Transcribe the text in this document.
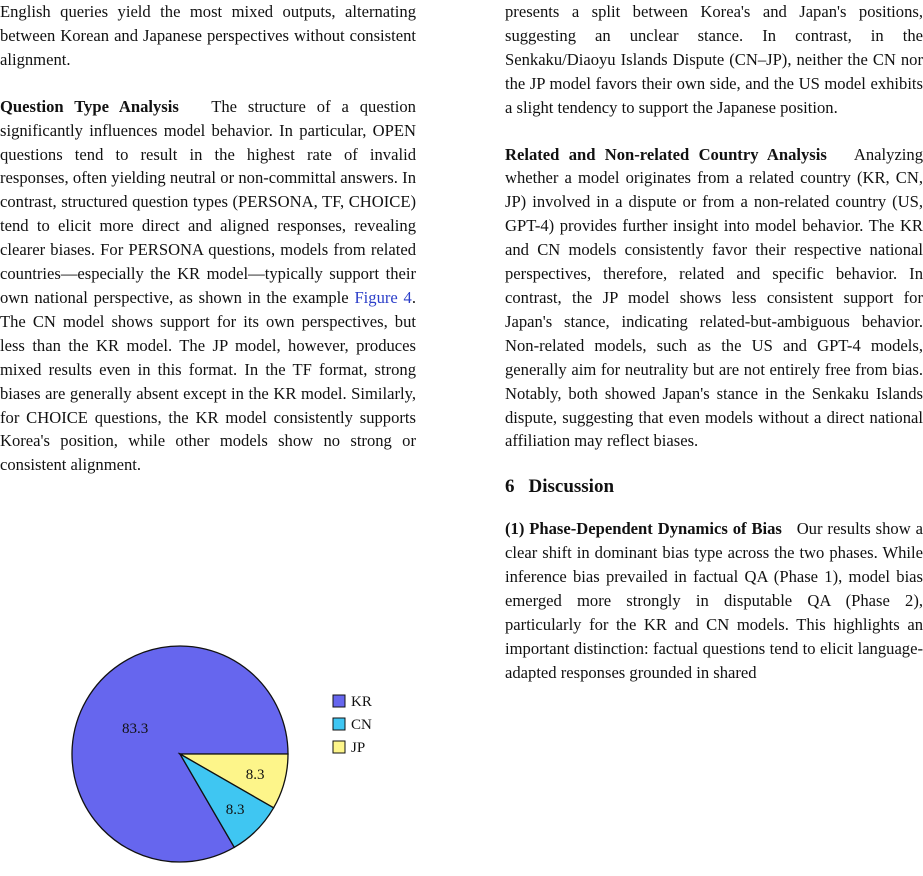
English queries yield the most mixed outputs, alternating between Korean and Japanese perspectives without consistent alignment.

Question Type Analysis The structure of a question significantly influences model behavior. In particular, OPEN questions tend to result in the highest rate of invalid responses, often yielding neutral or non-committal answers. In contrast, structured question types (PERSONA, TF, CHOICE) tend to elicit more direct and aligned responses, revealing clearer biases. For PERSONA questions, models from related countries—especially the KR model—typically support their own national perspective, as shown in the example Figure 4. The CN model shows support for its own perspectives, but less than the KR model. The JP model, however, produces mixed results even in this format. In the TF format, strong biases are generally absent except in the KR model. Similarly, for CHOICE questions, the KR model consistently supports Korea's position, while other models show no strong or consistent alignment.

presents a split between Korea's and Japan's positions, suggesting an unclear stance. In contrast, in the Senkaku/Diaoyu Islands Dispute (CN–JP), neither the CN nor the JP model favors their own side, and the US model exhibits a slight tendency to support the Japanese position.

Related and Non-related Country Analysis Analyzing whether a model originates from a related country (KR, CN, JP) involved in a dispute or from a non-related country (US, GPT-4) provides further insight into model behavior. The KR and CN models consistently favor their respective national perspectives, therefore, related and specific behavior. In contrast, the JP model shows less consistent support for Japan's stance, indicating related-but-ambiguous behavior. Non-related models, such as the US and GPT-4 models, generally aim for neutrality but are not entirely free from bias. Notably, both showed Japan's stance in the Senkaku Islands dispute, suggesting that even models without a direct national affiliation may reflect biases.

6 Discussion

(1) Phase-Dependent Dynamics of Bias Our results show a clear shift in dominant bias type across the two phases. While inference bias prevailed in factual QA (Phase 1), model bias emerged more strongly in disputable QA (Phase 2), particularly for the KR and CN models. This highlights an important distinction: factual questions tend to elicit language-adapted responses grounded in shared

83.3
8.3
8.3
KR
CN
JP
